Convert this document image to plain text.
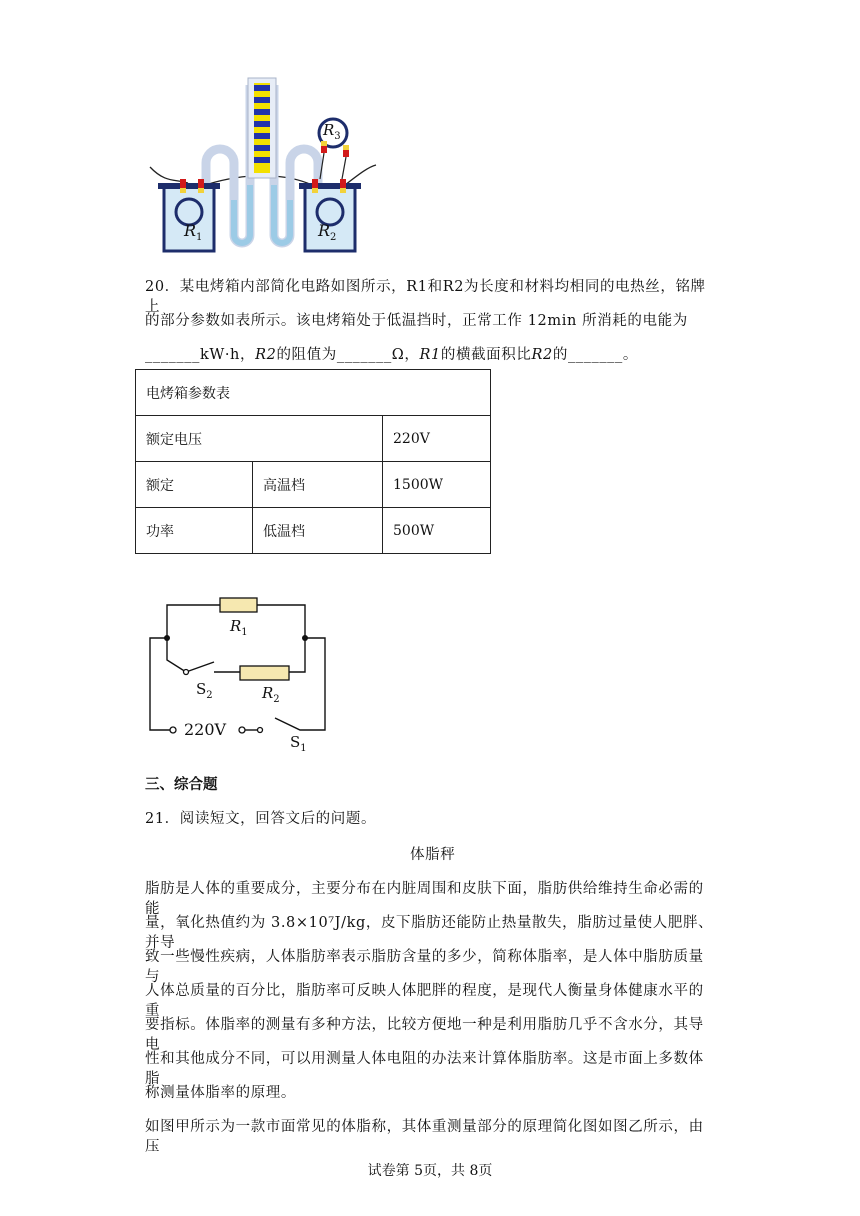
$R_1$	$R_2$
$R_3$
20．某电烤箱内部简化电路如图所示，R1和R2为长度和材料均相同的电热丝，铭牌上
的部分参数如表所示。该电烤箱处于低温挡时，正常工作 12min 所消耗的电能为
_______kW·h，R2的阻值为_______Ω，R1的横截面积比R2的_______。
电烤箱参数表		
额定电压		220V
额定	高温档	1500W
功率	低温档	500W
$R_1$
$R_2$
$S_2$
$S_1$
220V
三、综合题
21．阅读短文，回答文后的问题。
体脂秤
脂肪是人体的重要成分，主要分布在内脏周围和皮肤下面，脂肪供给维持生命必需的能
量，氧化热值约为 3.8×10⁷J/kg，皮下脂肪还能防止热量散失，脂肪过量使人肥胖、并导
致一些慢性疾病，人体脂肪率表示脂肪含量的多少，简称体脂率，是人体中脂肪质量与
人体总质量的百分比，脂肪率可反映人体肥胖的程度，是现代人衡量身体健康水平的重
要指标。体脂率的测量有多种方法，比较方便地一种是利用脂肪几乎不含水分，其导电
性和其他成分不同，可以用测量人体电阻的办法来计算体脂肪率。这是市面上多数体脂
称测量体脂率的原理。
如图甲所示为一款市面常见的体脂称，其体重测量部分的原理简化图如图乙所示，由压
试卷第 5页，共 8页
